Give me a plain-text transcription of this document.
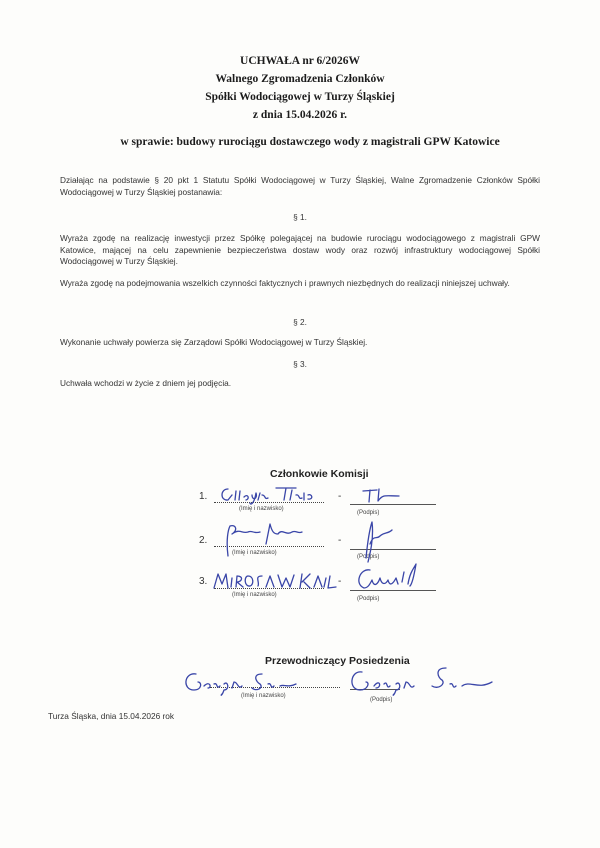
UCHWAŁA nr 6/2026W
Walnego Zgromadzenia Członków
Spółki Wodociągowej w Turzy Śląskiej
z dnia 15.04.2026 r.
w sprawie: budowy rurociągu dostawczego wody z magistrali GPW Katowice
Działając na podstawie § 20 pkt 1 Statutu Spółki Wodociągowej w Turzy Śląskiej, Walne Zgromadzenie Członków Spółki Wodociągowej w Turzy Śląskiej postanawia:
§ 1.
Wyraża zgodę na realizację inwestycji przez Spółkę polegającej na budowie rurociągu wodociągowego z magistrali GPW Katowice, mającej na celu zapewnienie bezpieczeństwa dostaw wody oraz rozwój infrastruktury wodociągowej Spółki Wodociągowej w Turzy Śląskiej.
Wyraża zgodę na podejmowania wszelkich czynności faktycznych i prawnych niezbędnych do realizacji niniejszej uchwały.
§ 2.
Wykonanie uchwały powierza się Zarządowi Spółki Wodociągowej w Turzy Śląskiej.
§ 3.
Uchwała wchodzi w życie z dniem jej podjęcia.
Członkowie Komisji
1.
(Imię i nazwisko)
-
(Podpis)
2.
(Imię i nazwisko)
-
(Podpis)
3.
(Imię i nazwisko)
-
(Podpis)
Przewodniczący Posiedzenia
(Imię i nazwisko)
(Podpis)
Turza Śląska, dnia 15.04.2026 rok
